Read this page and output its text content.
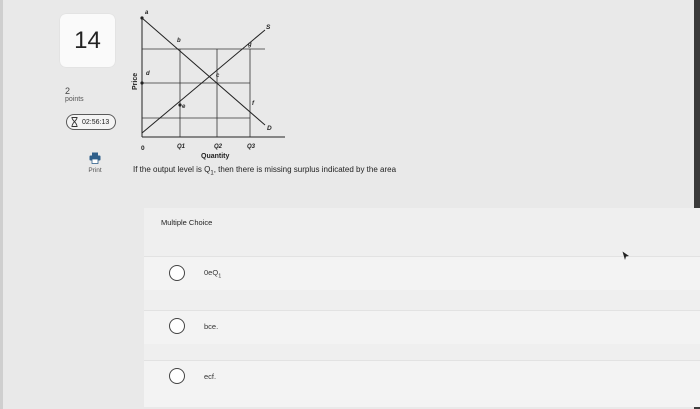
14
2
points
02:56:13
Print
a
b
c
d
e	f
g
S
D
0	Q1	Q2	Q3
Quantity
Price
If the output level is $Q_1$, then there is missing surplus indicated by the area
Multiple Choice
$0eQ_1$
bce.
ecf.
